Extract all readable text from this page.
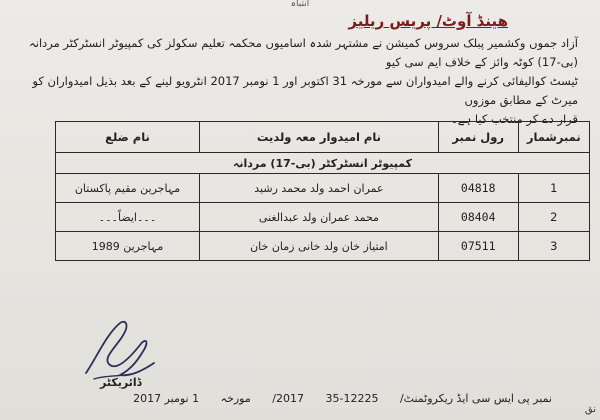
انتباہ
ھینڈ آوٹ/ پریس ریلیز

آزاد جموں وکشمیر پبلک سروس کمیشن نے مشتہر شدہ اسامیوں محکمہ تعلیم سکولز کی کمپیوٹر انسٹرکٹر مردانہ (بی-17) کوٹہ وائز کے خلاف ایم سی کیو

ٹیسٹ کوالیفائی کرنے والے امیدواران سے مورخہ 31 اکتوبر اور 1 نومبر 2017 انٹرویو لینے کے بعد بذیل امیدواران کو میرٹ کے مطابق موزوں

قرار دے کر منتخب کیا ہے۔

نمبرشمار	رول نمبر	نام امیدوار معہ ولدیت	نام ضلع
کمپیوٹر انسٹرکٹر (بی-17) مردانہ			
1	04818	عمران احمد ولد محمد رشید	مہاجرین مقیم پاکستان
2	08404	محمد عمران ولد عبدالغنی	۔۔۔ایضاً۔۔۔
3	07511	امتیاز خان ولد خانی زمان خان	مہاجرین 1989
ڈائریکٹر
نمبر پی ایس سی ایڈ ریکروٹمنٹ/ 12225-35 2017/ مورخہ 1 نومبر 2017
نق
